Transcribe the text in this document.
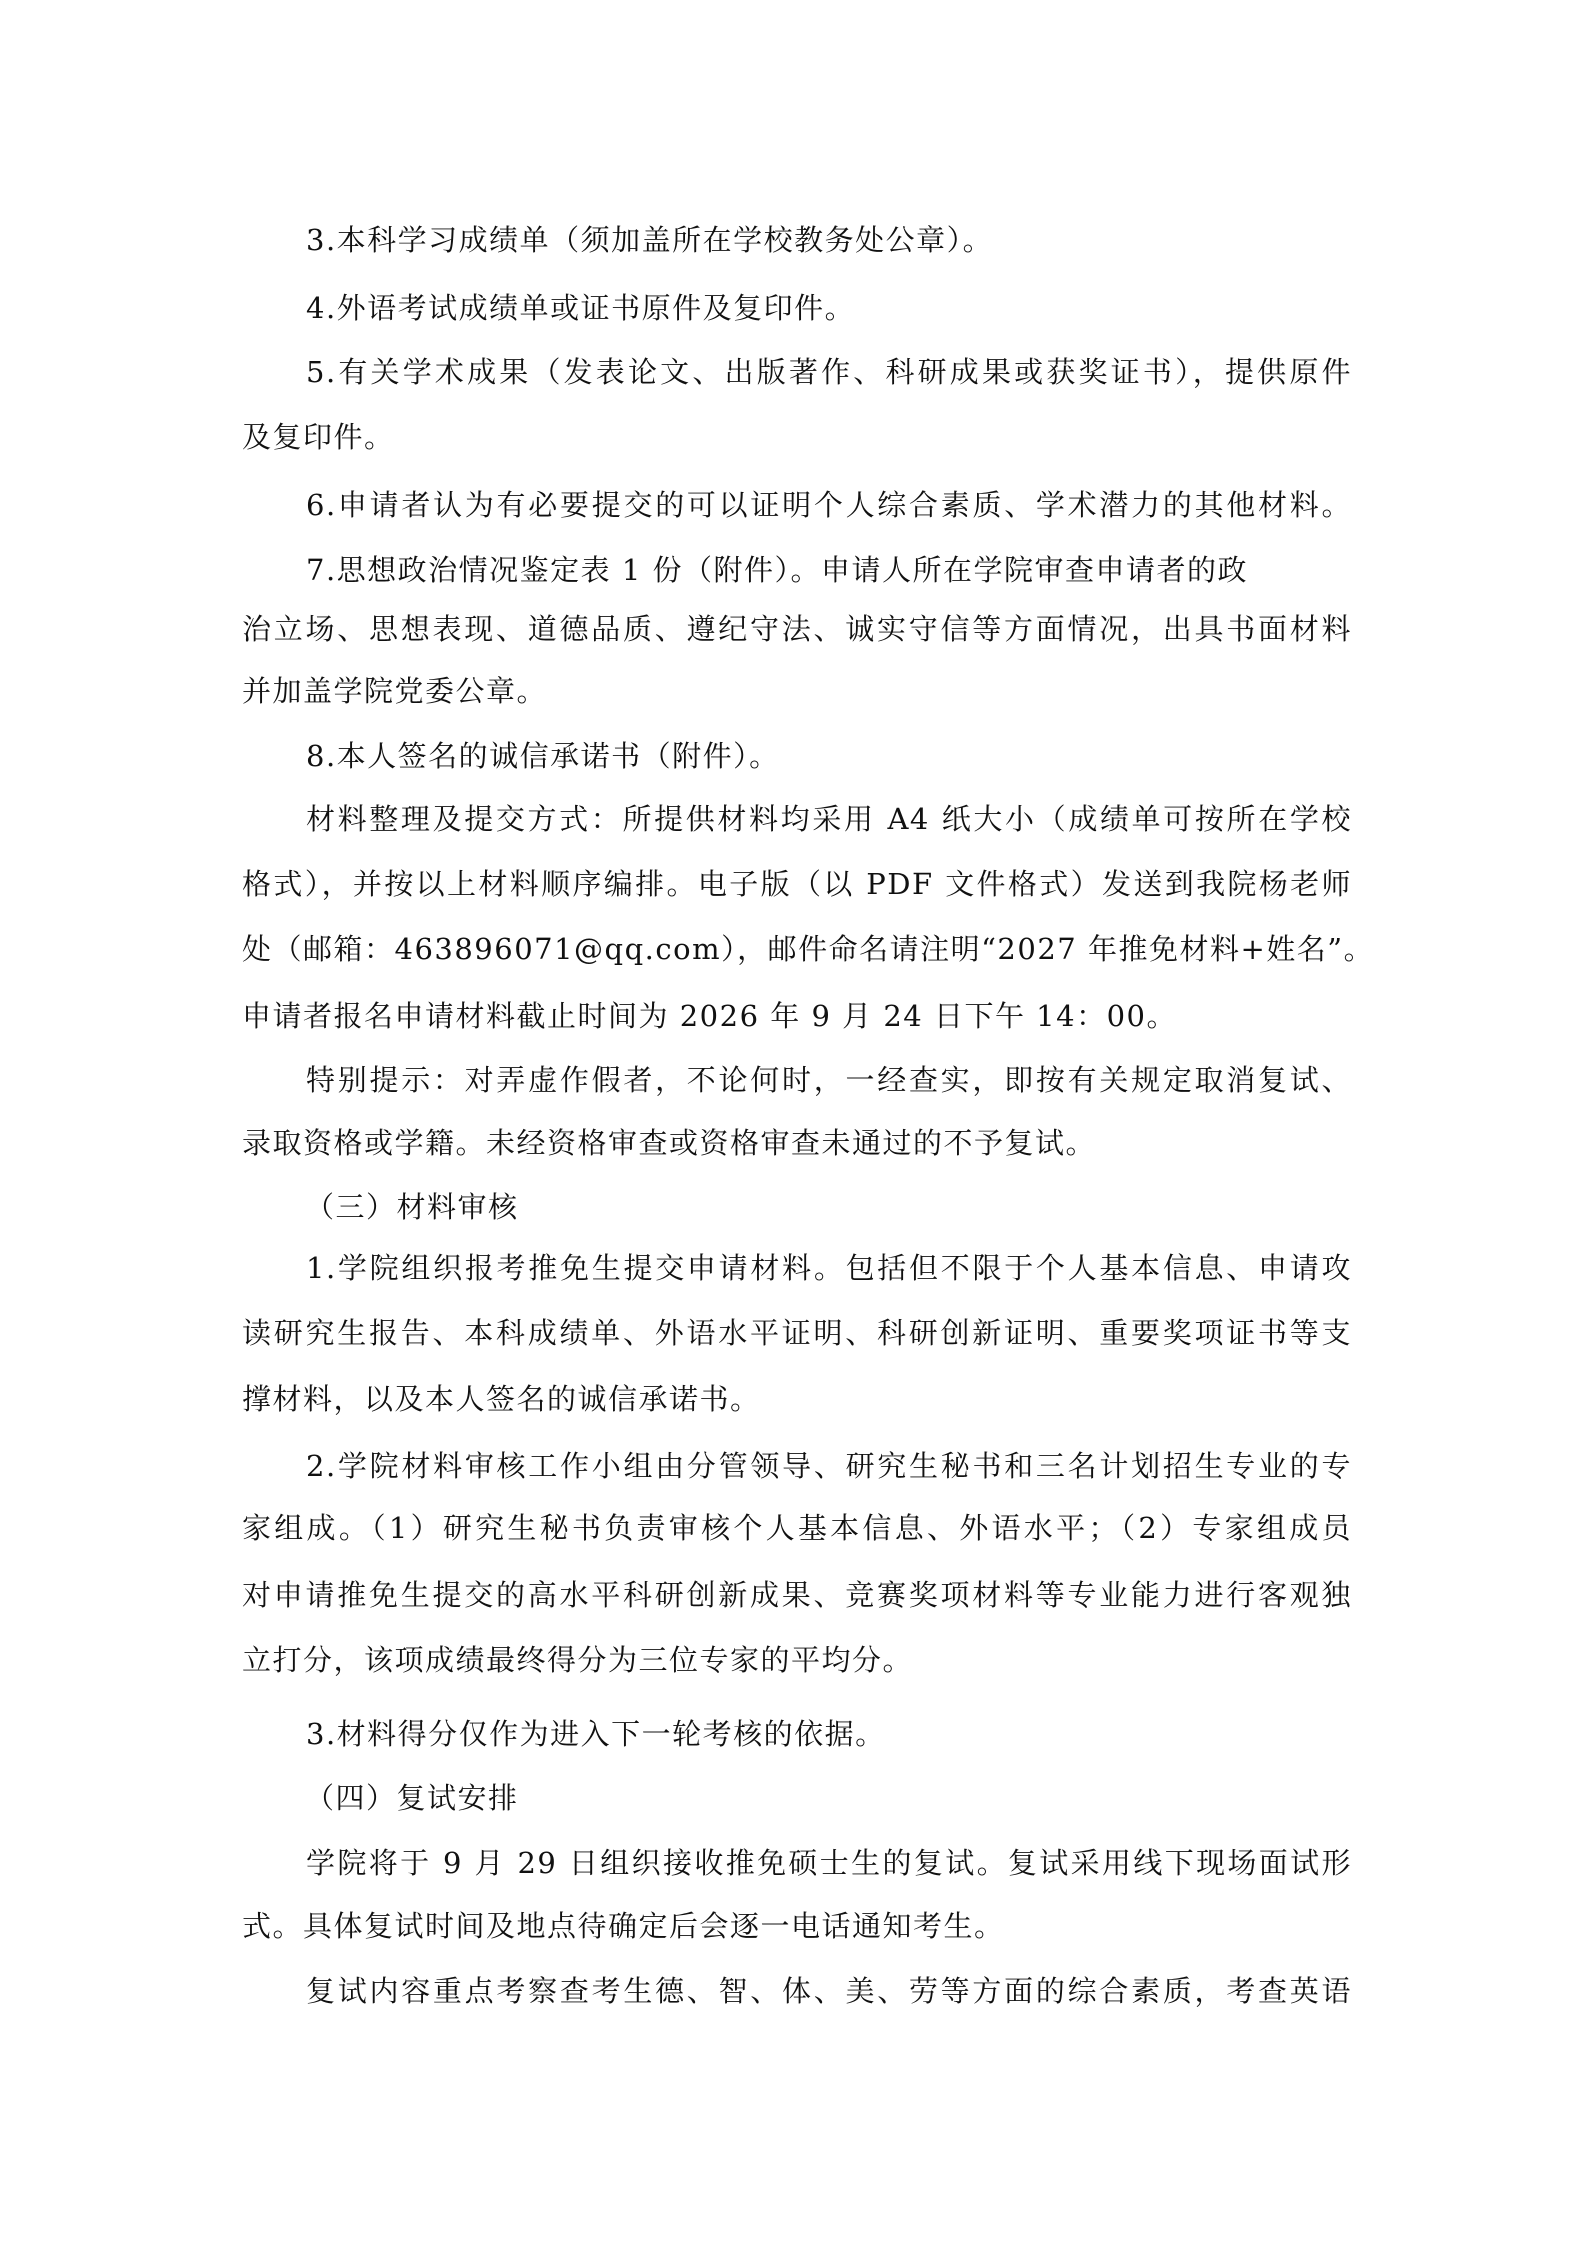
3.本科学习成绩单（须加盖所在学校教务处公章）。
4.外语考试成绩单或证书原件及复印件。
5.有关学术成果（发表论文、出版著作、科研成果或获奖证书），提供原件
及复印件。
6.申请者认为有必要提交的可以证明个人综合素质、学术潜力的其他材料。
7.思想政治情况鉴定表 1 份（附件）。申请人所在学院审查申请者的政
治立场、思想表现、道德品质、遵纪守法、诚实守信等方面情况，出具书面材料
并加盖学院党委公章。
8.本人签名的诚信承诺书（附件）。
材料整理及提交方式：所提供材料均采用 A4 纸大小（成绩单可按所在学校
格式），并按以上材料顺序编排。电子版（以 PDF 文件格式）发送到我院杨老师
处（邮箱：463896071@qq.com），邮件命名请注明“2027 年推免材料+姓名”。
申请者报名申请材料截止时间为 2026 年 9 月 24 日下午 14：00。
特别提示：对弄虚作假者，不论何时，一经查实，即按有关规定取消复试、
录取资格或学籍。未经资格审查或资格审查未通过的不予复试。
（三）材料审核
1.学院组织报考推免生提交申请材料。包括但不限于个人基本信息、申请攻
读研究生报告、本科成绩单、外语水平证明、科研创新证明、重要奖项证书等支
撑材料，以及本人签名的诚信承诺书。
2.学院材料审核工作小组由分管领导、研究生秘书和三名计划招生专业的专
家组成。（1）研究生秘书负责审核个人基本信息、外语水平；（2）专家组成员
对申请推免生提交的高水平科研创新成果、竞赛奖项材料等专业能力进行客观独
立打分，该项成绩最终得分为三位专家的平均分。
3.材料得分仅作为进入下一轮考核的依据。
（四）复试安排
学院将于 9 月 29 日组织接收推免硕士生的复试。复试采用线下现场面试形
式。具体复试时间及地点待确定后会逐一电话通知考生。
复试内容重点考察查考生德、智、体、美、劳等方面的综合素质，考查英语
